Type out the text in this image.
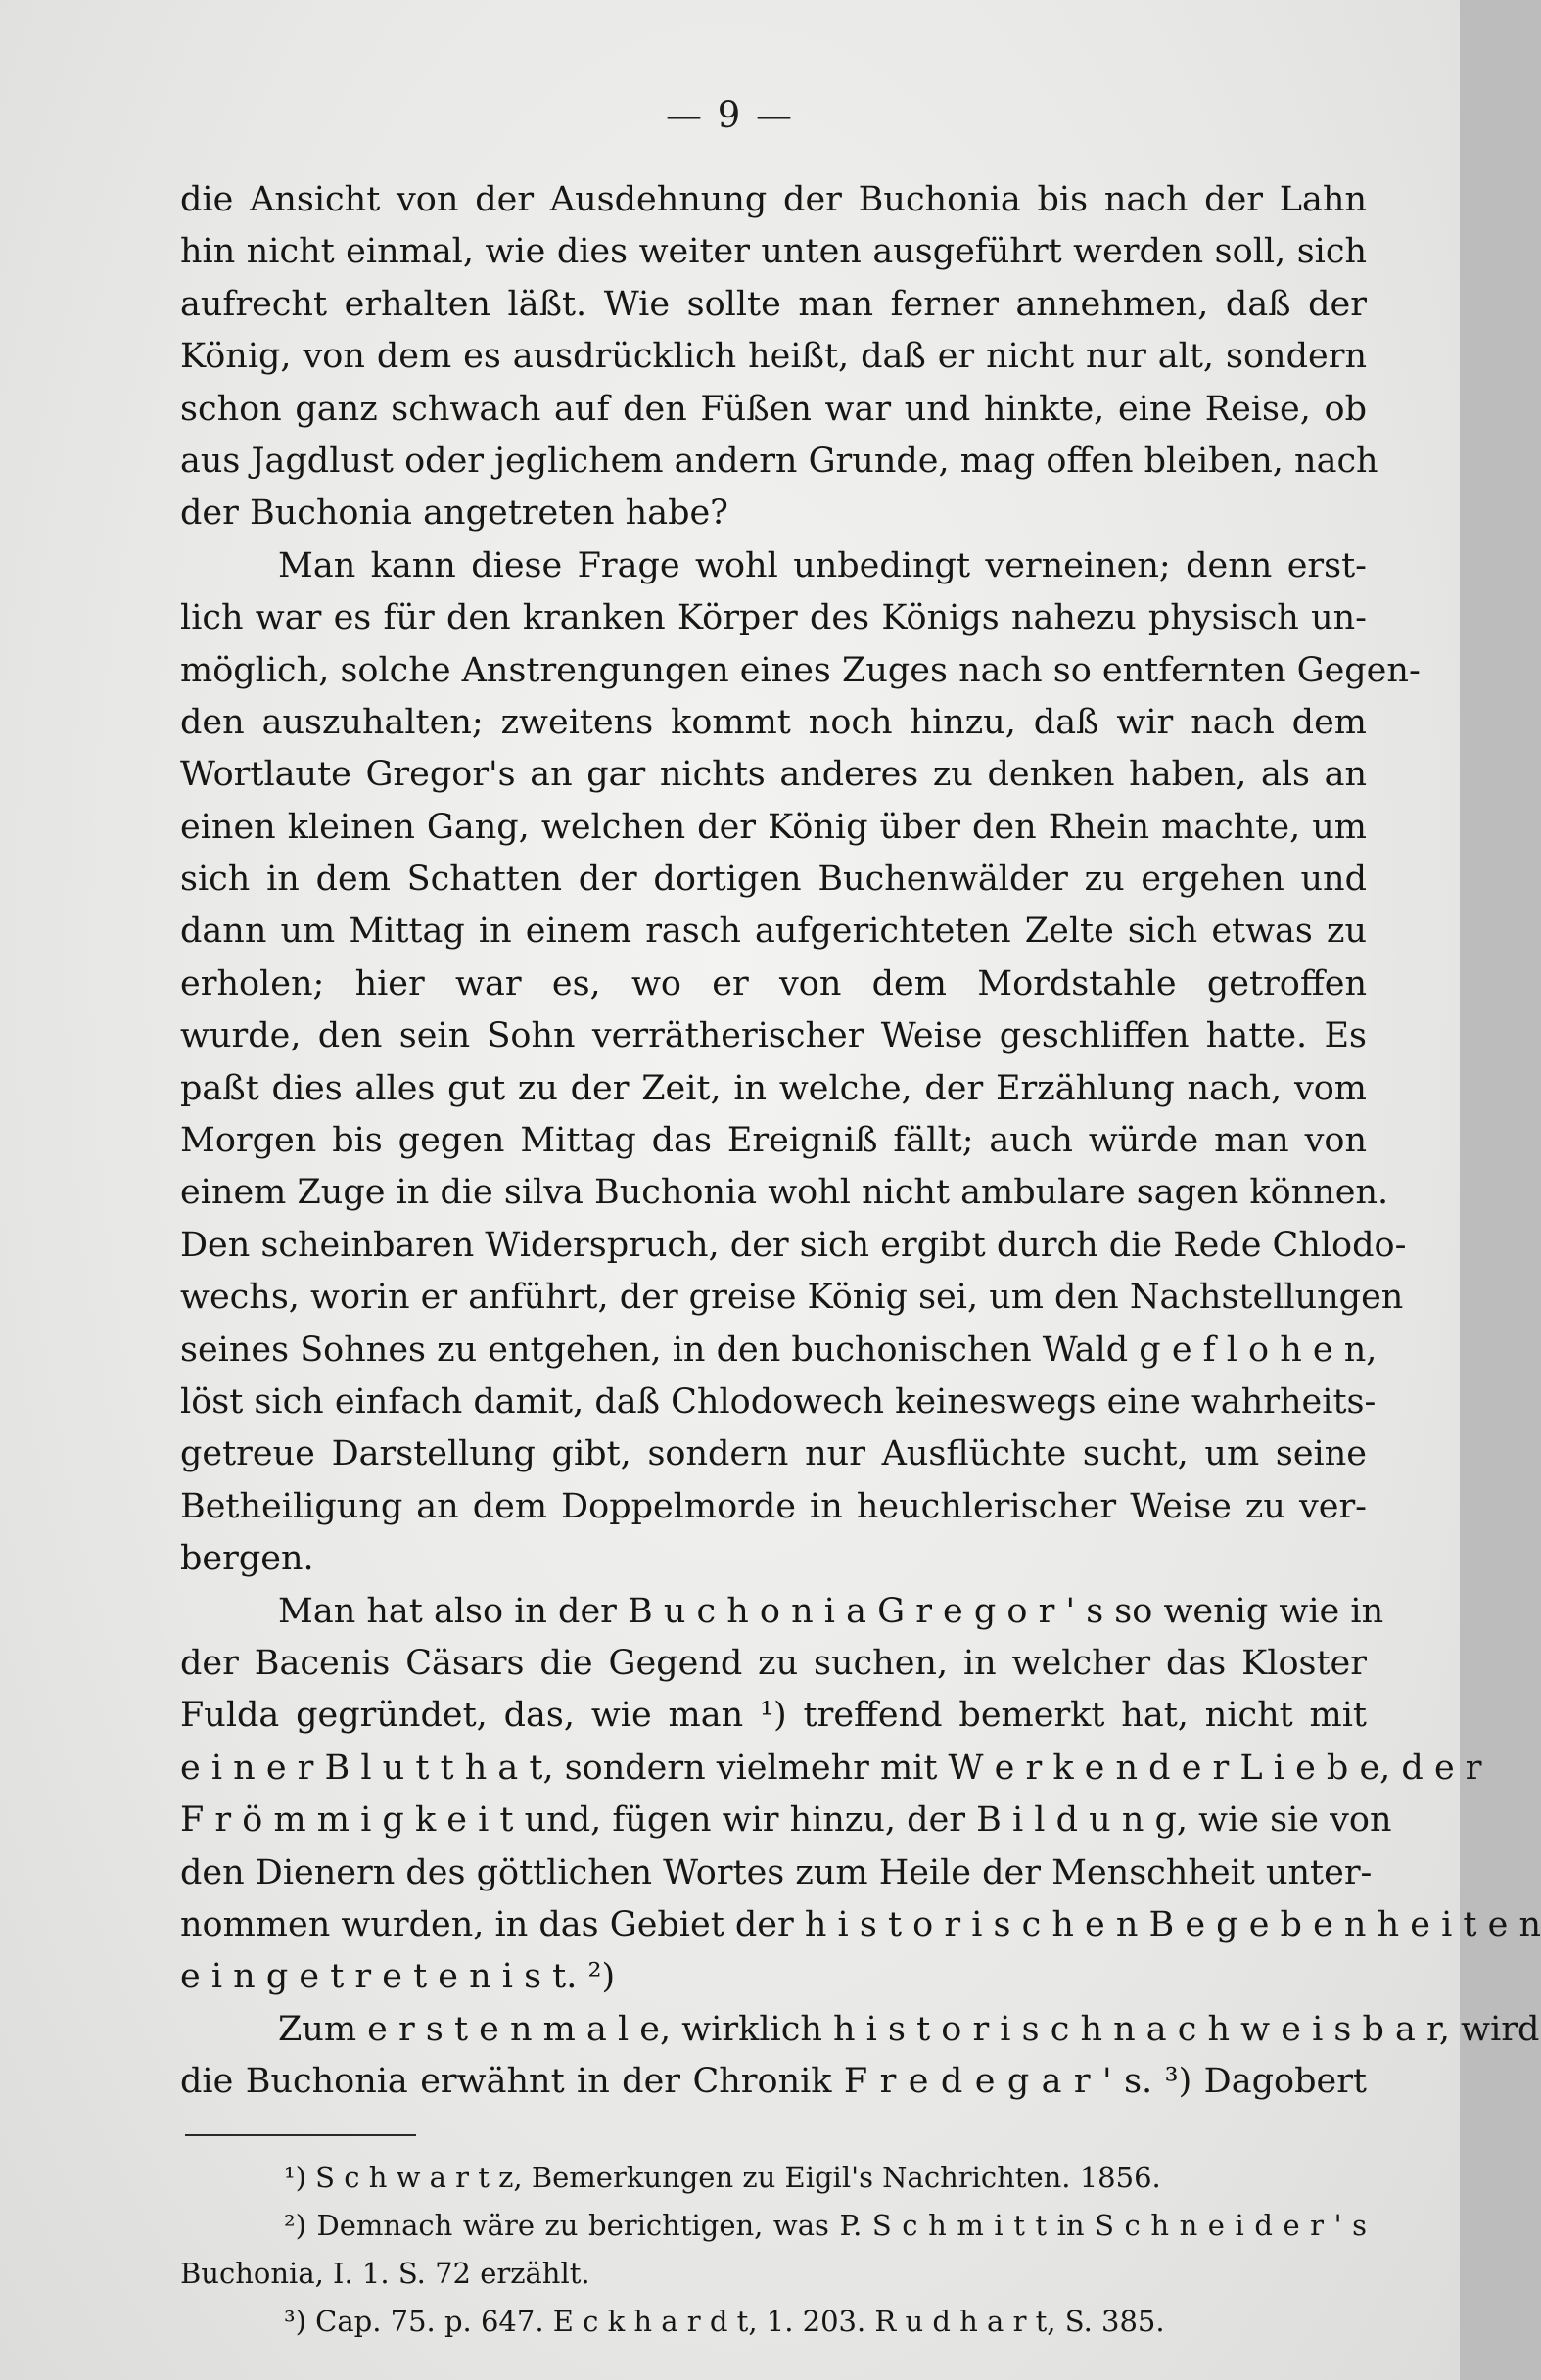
— 9 —
die Ansicht von der Ausdehnung der Buchonia bis nach der Lahn
hin nicht einmal, wie dies weiter unten ausgeführt werden soll, sich
aufrecht erhalten läßt. Wie sollte man ferner annehmen, daß der
König, von dem es ausdrücklich heißt, daß er nicht nur alt, sondern
schon ganz schwach auf den Füßen war und hinkte, eine Reise, ob
aus Jagdlust oder jeglichem andern Grunde, mag offen bleiben, nach
der Buchonia angetreten habe?
Man kann diese Frage wohl unbedingt verneinen; denn erst-
lich war es für den kranken Körper des Königs nahezu physisch un-
möglich, solche Anstrengungen eines Zuges nach so entfernten Gegen-
den auszuhalten; zweitens kommt noch hinzu, daß wir nach dem
Wortlaute Gregor's an gar nichts anderes zu denken haben, als an
einen kleinen Gang, welchen der König über den Rhein machte, um
sich in dem Schatten der dortigen Buchenwälder zu ergehen und
dann um Mittag in einem rasch aufgerichteten Zelte sich etwas zu
erholen; hier war es, wo er von dem Mordstahle getroffen
wurde, den sein Sohn verrätherischer Weise geschliffen hatte. Es
paßt dies alles gut zu der Zeit, in welche, der Erzählung nach, vom
Morgen bis gegen Mittag das Ereigniß fällt; auch würde man von
einem Zuge in die silva Buchonia wohl nicht ambulare sagen können.
Den scheinbaren Widerspruch, der sich ergibt durch die Rede Chlodo-
wechs, worin er anführt, der greise König sei, um den Nachstellungen
seines Sohnes zu entgehen, in den buchonischen Wald g e f l o h e n,
löst sich einfach damit, daß Chlodowech keineswegs eine wahrheits-
getreue Darstellung gibt, sondern nur Ausflüchte sucht, um seine
Betheiligung an dem Doppelmorde in heuchlerischer Weise zu ver-
bergen.
Man hat also in der B u c h o n i a G r e g o r ' s so wenig wie in
der Bacenis Cäsars die Gegend zu suchen, in welcher das Kloster
Fulda gegründet, das, wie man ¹) treffend bemerkt hat, nicht mit
e i n e r B l u t t h a t, sondern vielmehr mit W e r k e n d e r L i e b e, d e r
F r ö m m i g k e i t und, fügen wir hinzu, der B i l d u n g, wie sie von
den Dienern des göttlichen Wortes zum Heile der Menschheit unter-
nommen wurden, in das Gebiet der h i s t o r i s c h e n B e g e b e n h e i t e n
e i n g e t r e t e n i s t. ²)
Zum e r s t e n m a l e, wirklich h i s t o r i s c h n a c h w e i s b a r, wird
die Buchonia erwähnt in der Chronik F r e d e g a r ' s. ³) Dagobert
¹) S c h w a r t z, Bemerkungen zu Eigil's Nachrichten. 1856.
²) Demnach wäre zu berichtigen, was P. S c h m i t t in S c h n e i d e r ' s
Buchonia, I. 1. S. 72 erzählt.
³) Cap. 75. p. 647. E c k h a r d t, 1. 203. R u d h a r t, S. 385.
